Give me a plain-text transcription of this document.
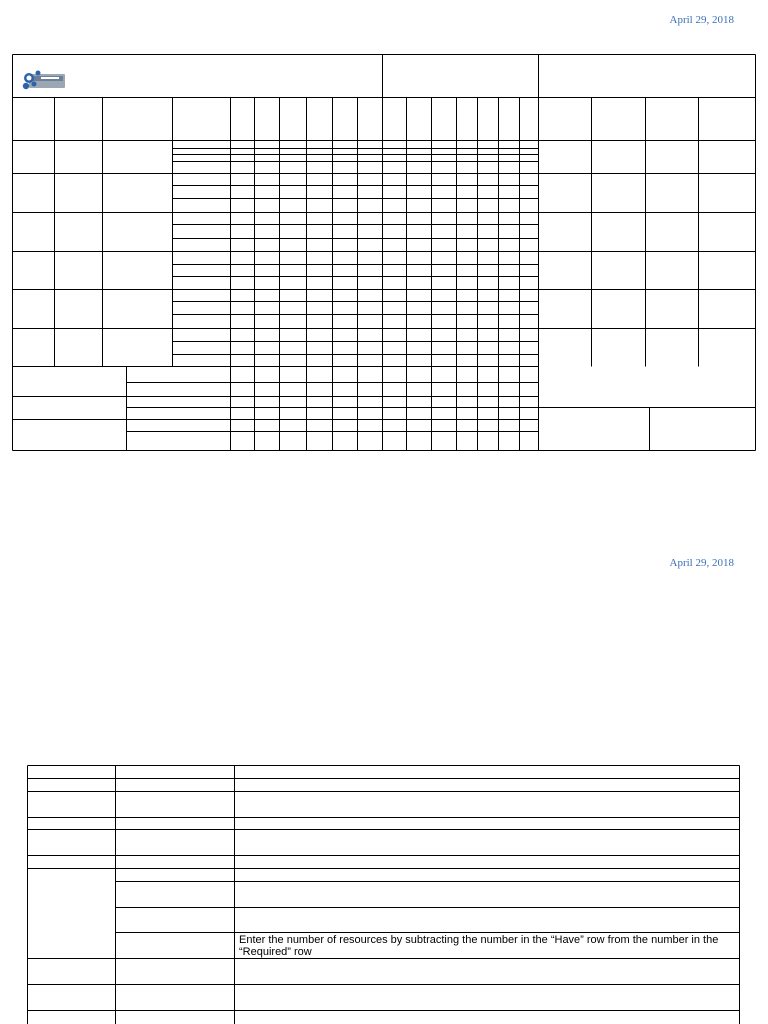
April 29, 2018
April 29, 2018
Enter the number of resources by subtracting the number in the “Have” row from the number in the “Required” row
